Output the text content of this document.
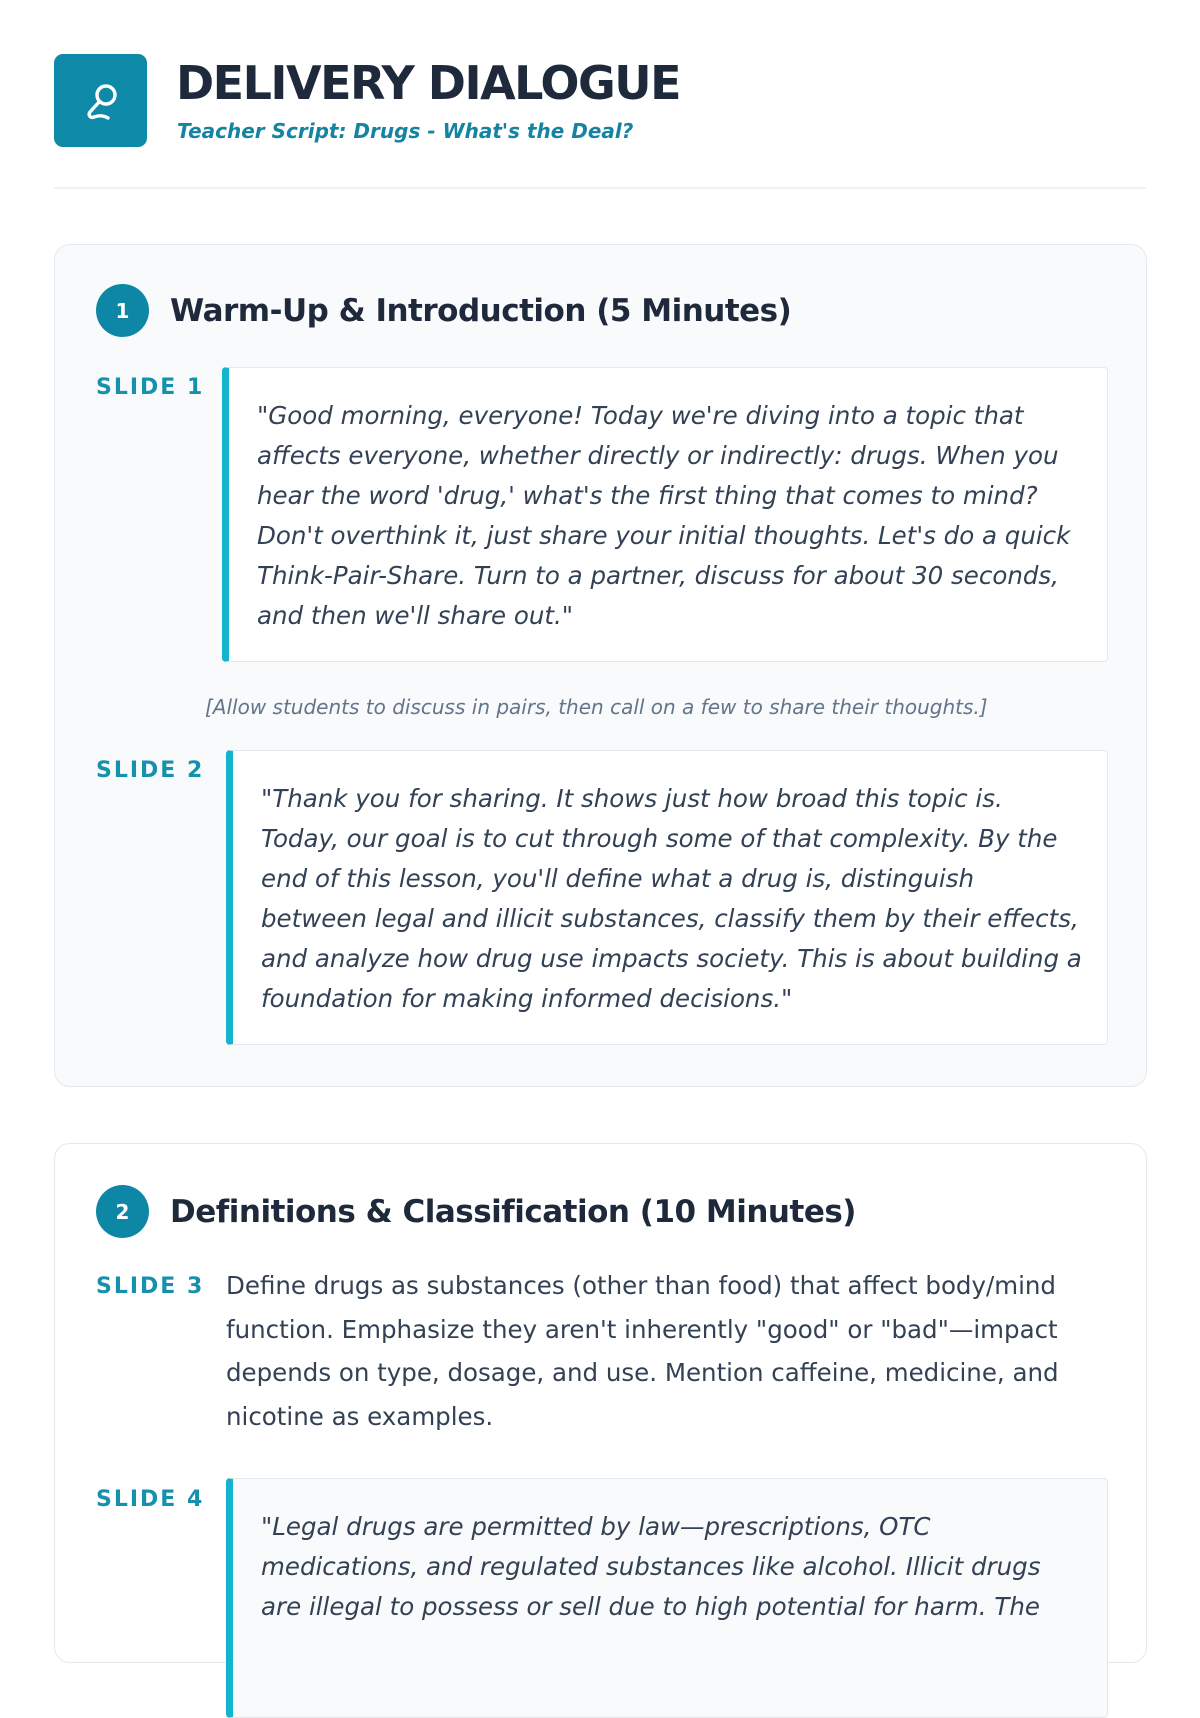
DELIVERY DIALOGUE
Teacher Script: Drugs - What's the Deal?
1	Warm-Up & Introduction (5 Minutes)
SLIDE 1
"Good morning, everyone! Today we're diving into a topic that affects everyone, whether directly or indirectly: drugs. When you hear the word 'drug,' what's the first thing that comes to mind? Don't overthink it, just share your initial thoughts. Let's do a quick Think-Pair-Share. Turn to a partner, discuss for about 30 seconds, and then we'll share out."
[Allow students to discuss in pairs, then call on a few to share their thoughts.]
SLIDE 2
"Thank you for sharing. It shows just how broad this topic is. Today, our goal is to cut through some of that complexity. By the end of this lesson, you'll define what a drug is, distinguish between legal and illicit substances, classify them by their effects, and analyze how drug use impacts society. This is about building a foundation for making informed decisions."
2	Definitions & Classification (10 Minutes)
SLIDE 3 Define drugs as substances (other than food) that affect body/mind function. Emphasize they aren't inherently "good" or "bad"—impact depends on type, dosage, and use. Mention caffeine, medicine, and nicotine as examples.
SLIDE 4
"Legal drugs are permitted by law—prescriptions, OTC medications, and regulated substances like alcohol. Illicit drugs are illegal to possess or sell due to high potential for harm. The
